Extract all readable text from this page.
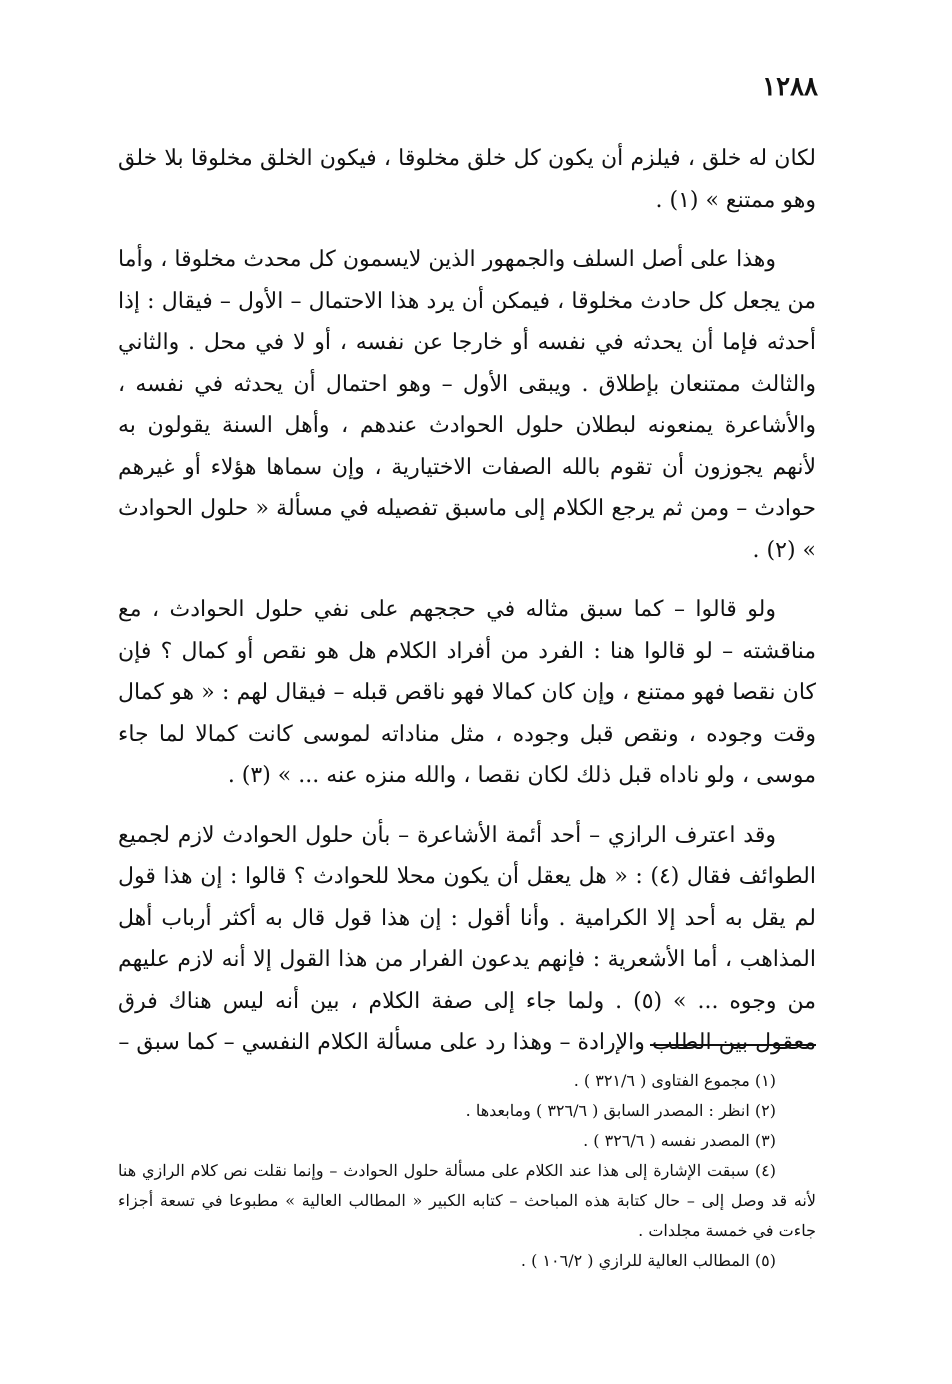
١٢٨٨

لكان له خلق ، فيلزم أن يكون كل خلق مخلوقا ، فيكون الخلق مخلوقا بلا خلق وهو ممتنع » (١) .

وهذا على أصل السلف والجمهور الذين لايسمون كل محدث مخلوقا ، وأما من يجعل كل حادث مخلوقا ، فيمكن أن يرد هذا الاحتمال – الأول – فيقال : إذا أحدثه فإما أن يحدثه في نفسه أو خارجا عن نفسه ، أو لا في محل . والثاني والثالث ممتنعان بإطلاق . ويبقى الأول – وهو احتمال أن يحدثه في نفسه ، والأشاعرة يمنعونه لبطلان حلول الحوادث عندهم ، وأهل السنة يقولون به لأنهم يجوزون أن تقوم بالله الصفات الاختيارية ، وإن سماها هؤلاء أو غيرهم حوادث – ومن ثم يرجع الكلام إلى ماسبق تفصيله في مسألة « حلول الحوادث » (٢) .

ولو قالوا – كما سبق مثاله في حججهم على نفي حلول الحوادث ، مع مناقشته – لو قالوا هنا : الفرد من أفراد الكلام هل هو نقص أو كمال ؟ فإن كان نقصا فهو ممتنع ، وإن كان كمالا فهو ناقص قبله – فيقال لهم : « هو كمال وقت وجوده ، ونقص قبل وجوده ، مثل مناداته لموسى كانت كمالا لما جاء موسى ، ولو ناداه قبل ذلك لكان نقصا ، والله منزه عنه ... » (٣) .

وقد اعترف الرازي – أحد أئمة الأشاعرة – بأن حلول الحوادث لازم لجميع الطوائف فقال (٤) : « هل يعقل أن يكون محلا للحوادث ؟ قالوا : إن هذا قول لم يقل به أحد إلا الكرامية . وأنا أقول : إن هذا قول قال به أكثر أرباب أهل المذاهب ، أما الأشعرية : فإنهم يدعون الفرار من هذا القول إلا أنه لازم عليهم من وجوه ... » (٥) . ولما جاء إلى صفة الكلام ، بين أنه ليس هناك فرق معقول بين الطلب والإرادة – وهذا رد على مسألة الكلام النفسي – كما سبق –

(١) مجموع الفتاوى ( ٣٢١/٦ ) .

(٢) انظر : المصدر السابق ( ٣٢٦/٦ ) ومابعدها .

(٣) المصدر نفسه ( ٣٢٦/٦ ) .

(٤) سبقت الإشارة إلى هذا عند الكلام على مسألة حلول الحوادث – وإنما نقلت نص كلام الرازي هنا لأنه قد وصل إلى – حال كتابة هذه المباحث – كتابه الكبير « المطالب العالية » مطبوعا في تسعة أجزاء جاءت في خمسة مجلدات .

(٥) المطالب العالية للرازي ( ١٠٦/٢ ) .
